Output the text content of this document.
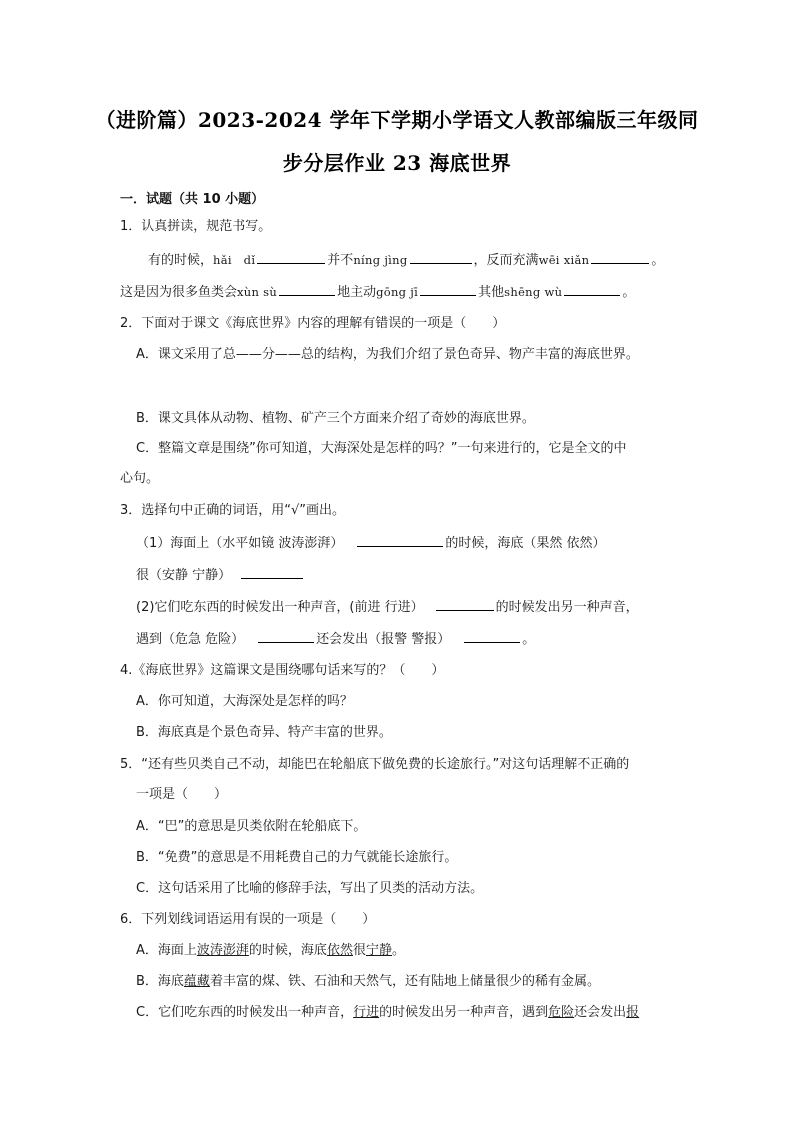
（进阶篇）2023-2024 学年下学期小学语文人教部编版三年级同
步分层作业 23 海底世界
一．试题（共 10 小题）
1．认真拼读，规范书写。
有的时候，hǎi　dǐ	并不níng jìng	，反而充满wēi xiǎn	。
这是因为很多鱼类会xùn sù	地主动gōng jī	其他shēng wù	。
2．下面对于课文《海底世界》内容的理解有错误的一项是（　　）
A．课文采用了总——分——总的结构，为我们介绍了景色奇异、物产丰富的海底世界。
B．课文具体从动物、植物、矿产三个方面来介绍了奇妙的海底世界。
C．整篇文章是围绕”你可知道，大海深处是怎样的吗？”一句来进行的，它是全文的中
心句。
3．选择句中正确的词语，用“√”画出。
（1）海面上（水平如镜 波涛澎湃）	的时候，海底（果然 依然）
很（安静 宁静）
(2)它们吃东西的时候发出一种声音，(前进 行进）	的时候发出另一种声音，
遇到（危急 危险）	还会发出（报警 警报）	。
4.《海底世界》这篇课文是围绕哪句话来写的？（　　）
A．你可知道，大海深处是怎样的吗？
B．海底真是个景色奇异、特产丰富的世界。
5．“还有些贝类自己不动，却能巴在轮船底下做免费的长途旅行。”对这句话理解不正确的
一项是（　　）
A．“巴”的意思是贝类依附在轮船底下。
B．“免费”的意思是不用耗费自己的力气就能长途旅行。
C．这句话采用了比喻的修辞手法，写出了贝类的活动方法。
6．下列划线词语运用有误的一项是（　　）
A．海面上波涛澎湃的时候，海底依然很宁静。
B．海底蕴藏着丰富的煤、铁、石油和天然气，还有陆地上储量很少的稀有金属。
C．它们吃东西的时候发出一种声音，行进的时候发出另一种声音，遇到危险还会发出报
